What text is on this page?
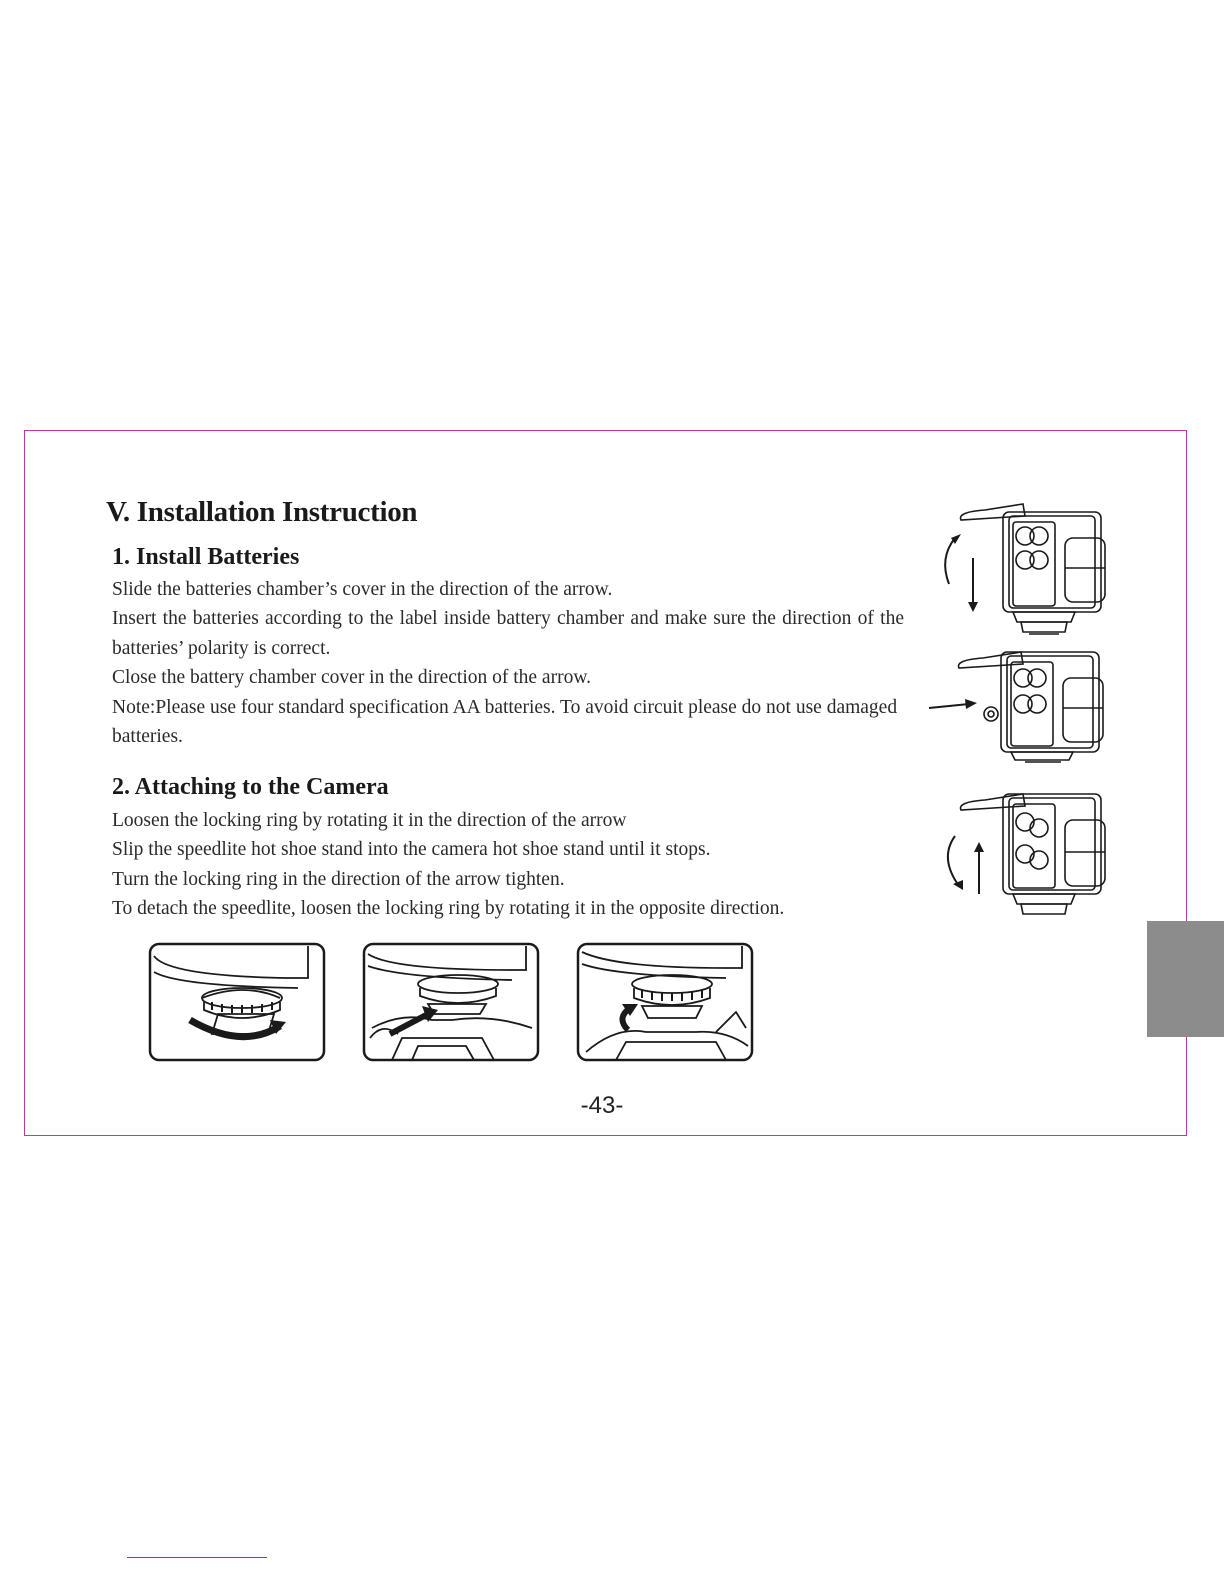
V. Installation Instruction
1. Install Batteries

Slide the batteries chamber’s cover in the direction of the arrow.

Insert the batteries according to the label inside battery chamber and make sure the direction of the batteries’ polarity is correct.

Close the battery chamber cover in the direction of the arrow.

Note:Please use four standard specification AA batteries. To avoid circuit please do not use damaged batteries.

2. Attaching to the Camera

Loosen the locking ring by rotating it in the direction of the arrow

Slip the speedlite hot shoe stand into the camera hot shoe stand until it stops.

Turn the locking ring in the direction of the arrow tighten.

To detach the speedlite, loosen the locking ring by rotating it in the opposite direction.

-43-
